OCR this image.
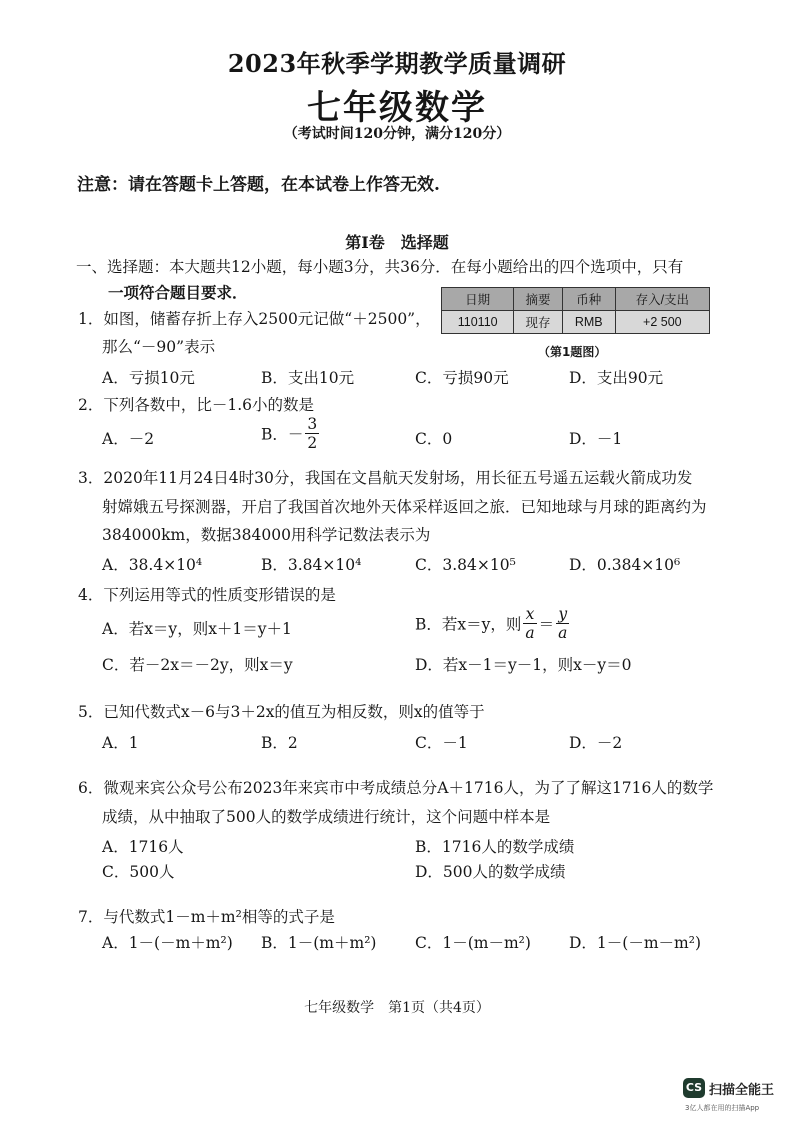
2023年秋季学期教学质量调研
七年级数学
（考试时间120分钟，满分120分）
注意：请在答题卡上答题，在本试卷上作答无效.
第Ⅰ卷　选择题
一、选择题：本大题共12小题，每小题3分，共36分．在每小题给出的四个选项中，只有
一项符合题目要求．	日期	摘要	币种	存入/支出
110110	现存	RMB	+2 500
（第1题图）
1．如图，储蓄存折上存入2500元记做“＋2500”，
那么“－90”表示
A．亏损10元	B．支出10元	C．亏损90元	D．支出90元
2．下列各数中，比－1.6小的数是
A．－2	B．－ $\frac{3}{2}$	C．0	D．－1
3．2020年11月24日4时30分，我国在文昌航天发射场，用长征五号遥五运载火箭成功发
射嫦娥五号探测器，开启了我国首次地外天体采样返回之旅．已知地球与月球的距离约为
384000km，数据384000用科学记数法表示为
A．38.4×10⁴	B．3.84×10⁴	C．3.84×10⁵	D．0.384×10⁶
4．下列运用等式的性质变形错误的是
A．若x＝y，则x＋1＝y＋1	B．若x＝y，则 $\frac{x}{a} = \frac{y}{a}$
C．若－2x＝－2y，则x＝y	D．若x－1＝y－1，则x－y＝0
5．已知代数式x－6与3＋2x的值互为相反数，则x的值等于
A．1	B．2	C．－1	D．－2
6．微观来宾公众号公布2023年来宾市中考成绩总分A＋1716人，为了了解这1716人的数学
成绩，从中抽取了500人的数学成绩进行统计，这个问题中样本是
A．1716人	B．1716人的数学成绩
C．500人	D．500人的数学成绩
7．与代数式1－m＋m²相等的式子是
A．1－(－m＋m²) B．1－(m＋m²) C．1－(m－m²) D．1－(－m－m²)
七年级数学　第1页（共4页）
CS 扫描全能王
3亿人都在用的扫描App
